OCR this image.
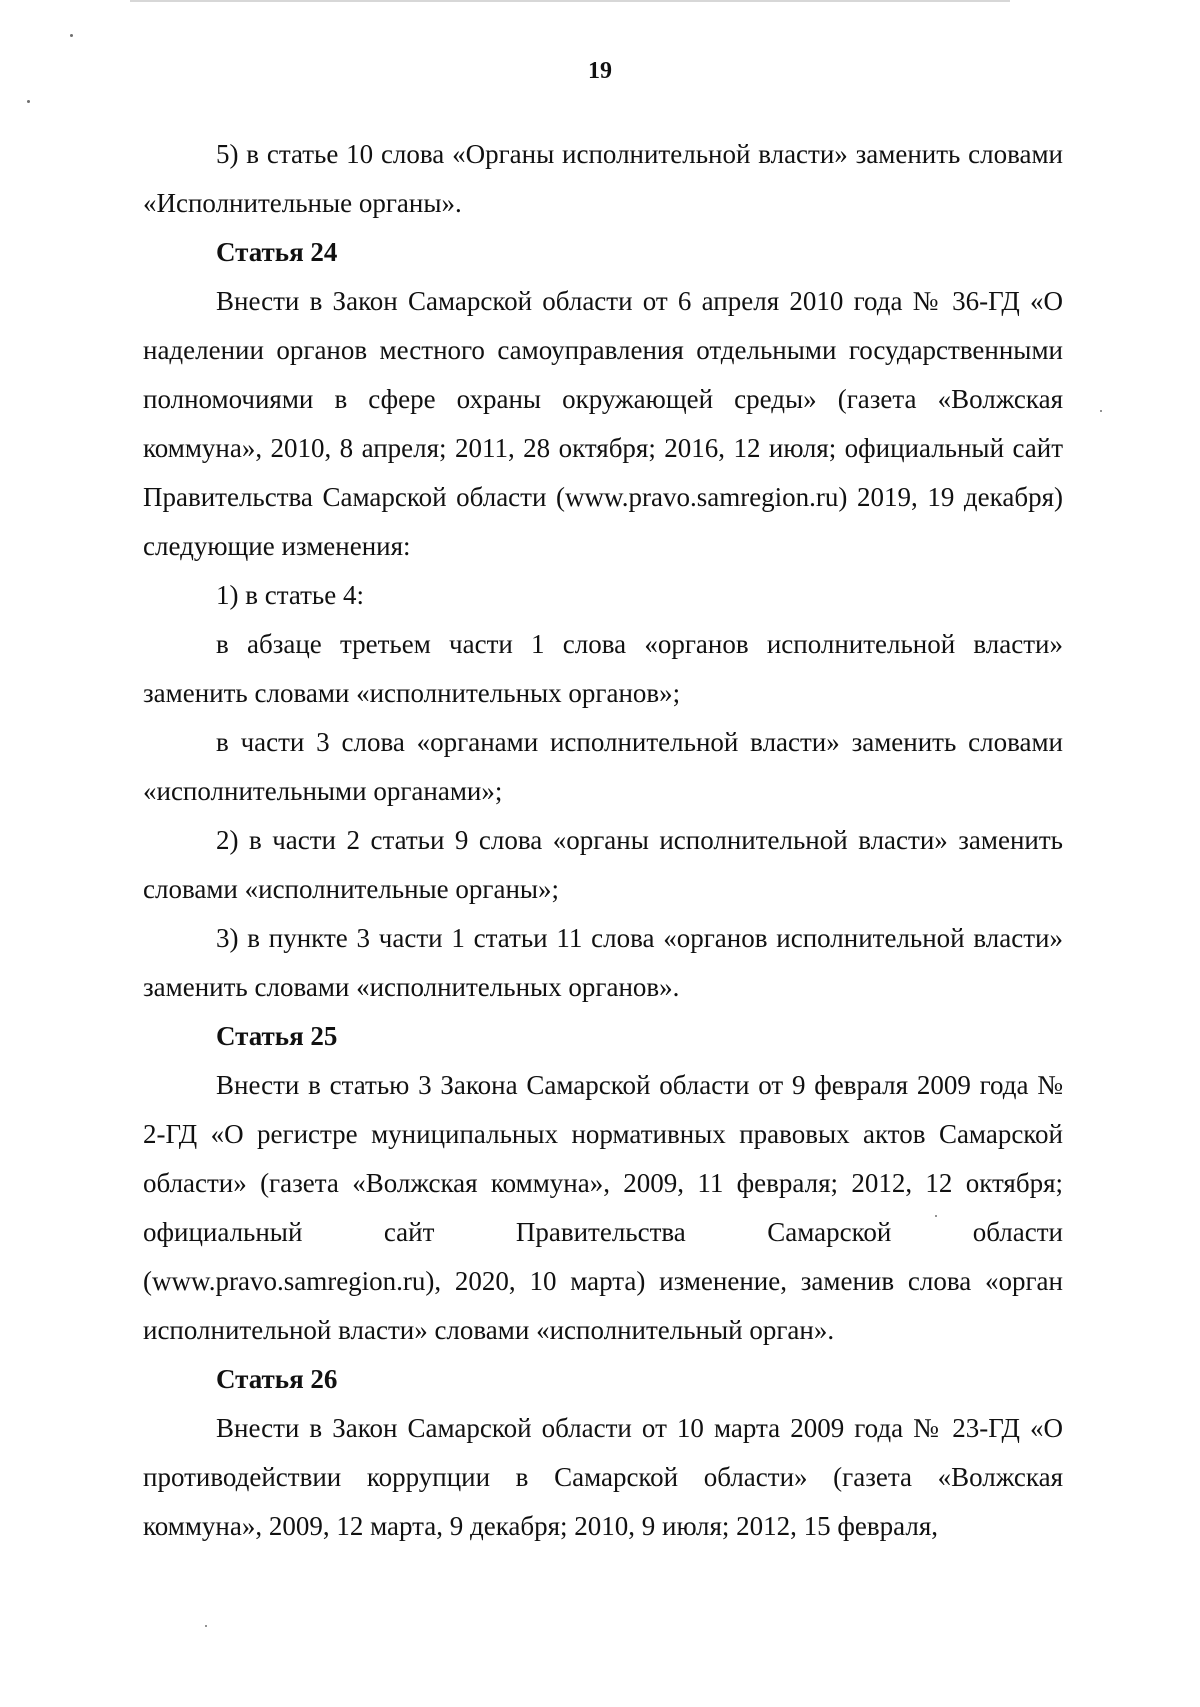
19

5) в статье 10 слова «Органы исполнительной власти» заменить словами «Исполнительные органы».

Статья 24

Внести в Закон Самарской области от 6 апреля 2010 года № 36-ГД «О наделении органов местного самоуправления отдельными государственными полномочиями в сфере охраны окружающей среды» (газета «Волжская коммуна», 2010, 8 апреля; 2011, 28 октября; 2016, 12 июля; официальный сайт Правительства Самарской области (www.pravo.samregion.ru) 2019, 19 декабря) следующие изменения:

1) в статье 4:

в абзаце третьем части 1 слова «органов исполнительной власти» заменить словами «исполнительных органов»;

в части 3 слова «органами исполнительной власти» заменить словами «исполнительными органами»;

2) в части 2 статьи 9 слова «органы исполнительной власти» заменить словами «исполнительные органы»;

3) в пункте 3 части 1 статьи 11 слова «органов исполнительной власти» заменить словами «исполнительных органов».

Статья 25

Внести в статью 3 Закона Самарской области от 9 февраля 2009 года № 2-ГД «О регистре муниципальных нормативных правовых актов Самарской области» (газета «Волжская коммуна», 2009, 11 февраля; 2012, 12 октября; официальный сайт Правительства Самарской области (www.pravo.samregion.ru), 2020, 10 марта) изменение, заменив слова «орган исполнительной власти» словами «исполнительный орган».

Статья 26

Внести в Закон Самарской области от 10 марта 2009 года № 23-ГД «О противодействии коррупции в Самарской области» (газета «Волжская коммуна», 2009, 12 марта, 9 декабря; 2010, 9 июля; 2012, 15 февраля,
